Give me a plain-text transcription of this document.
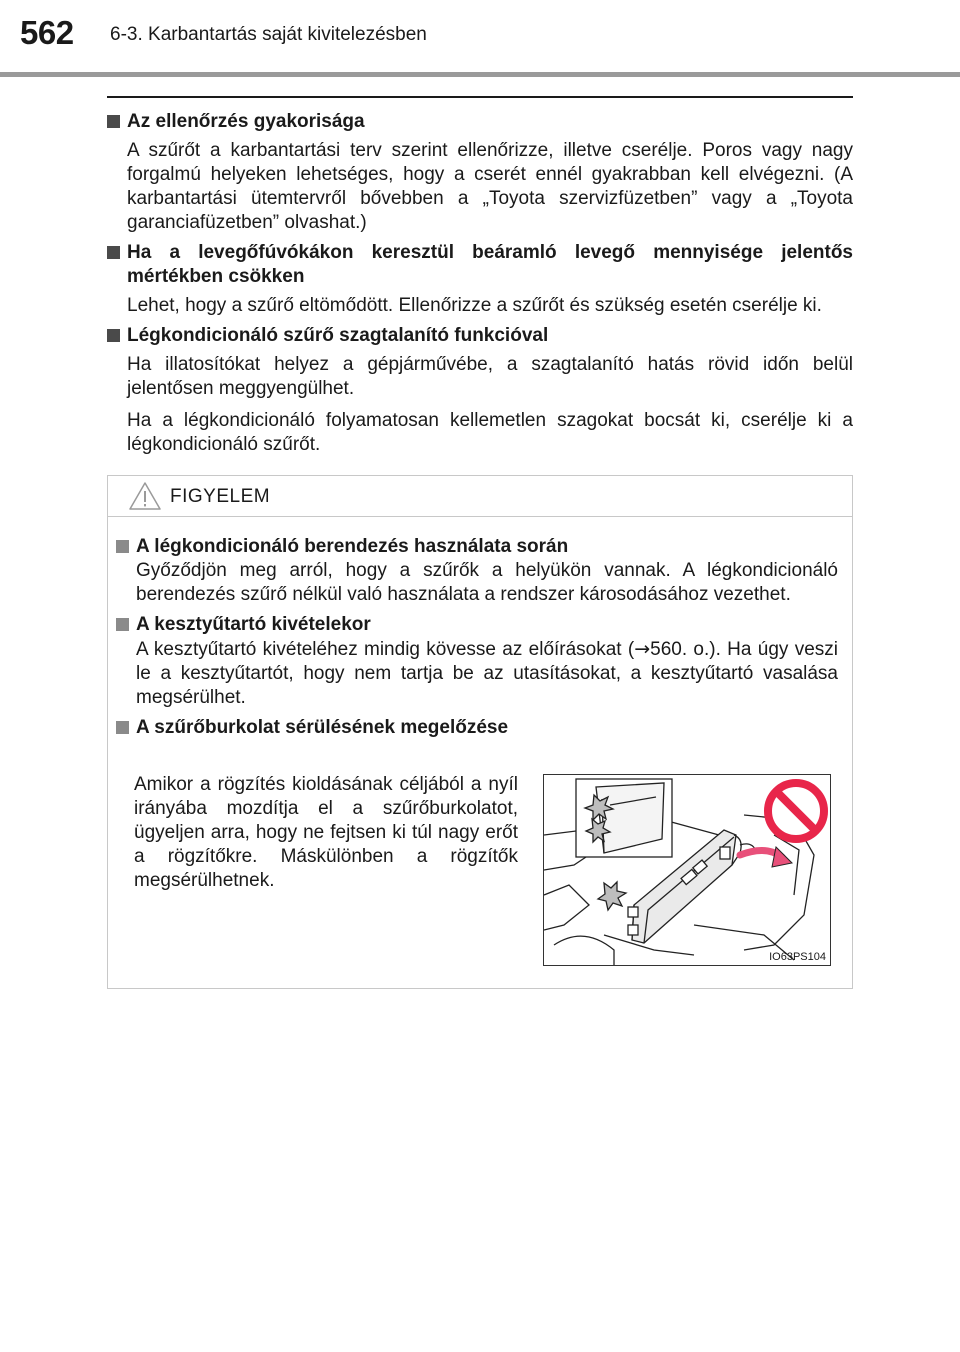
562 6-3. Karbantartás saját kivitelezésben
Az ellenőrzés gyakorisága
A szűrőt a karbantartási terv szerint ellenőrizze, illetve cserélje. Poros vagy nagy forgalmú helyeken lehetséges, hogy a cserét ennél gyakrabban kell elvégezni. (A karbantartási ütemtervről bővebben a „Toyota szervizfüzetben” vagy a „Toyota garanciafüzetben” olvashat.)
Ha a levegőfúvókákon keresztül beáramló levegő mennyisége jelentős mértékben csökken
Lehet, hogy a szűrő eltömődött. Ellenőrizze a szűrőt és szükség esetén cserélje ki.
Légkondicionáló szűrő szagtalanító funkcióval
Ha illatosítókat helyez a gépjárművébe, a szagtalanító hatás rövid időn belül jelentősen meggyengülhet.
Ha a légkondicionáló folyamatosan kellemetlen szagokat bocsát ki, cserélje ki a légkondicionáló szűrőt.
FIGYELEM
A légkondicionáló berendezés használata során
Győződjön meg arról, hogy a szűrők a helyükön vannak. A légkondicionáló berendezés szűrő nélkül való használata a rendszer károsodásához vezethet.
A kesztyűtartó kivételekor
A kesztyűtartó kivételéhez mindig kövesse az előírásokat (→560. o.). Ha úgy veszi le a kesztyűtartót, hogy nem tartja be az utasításokat, a kesztyűtartó vasalása megsérülhet.
A szűrőburkolat sérülésének megelőzése
Amikor a rögzítés kioldásának céljából a nyíl irányába mozdítja el a szűrőburkolatot, ügyeljen arra, hogy ne fejtsen ki túl nagy erőt a rögzítőkre. Máskülönben a rögzítők megsérülhetnek.
IO63PS104
